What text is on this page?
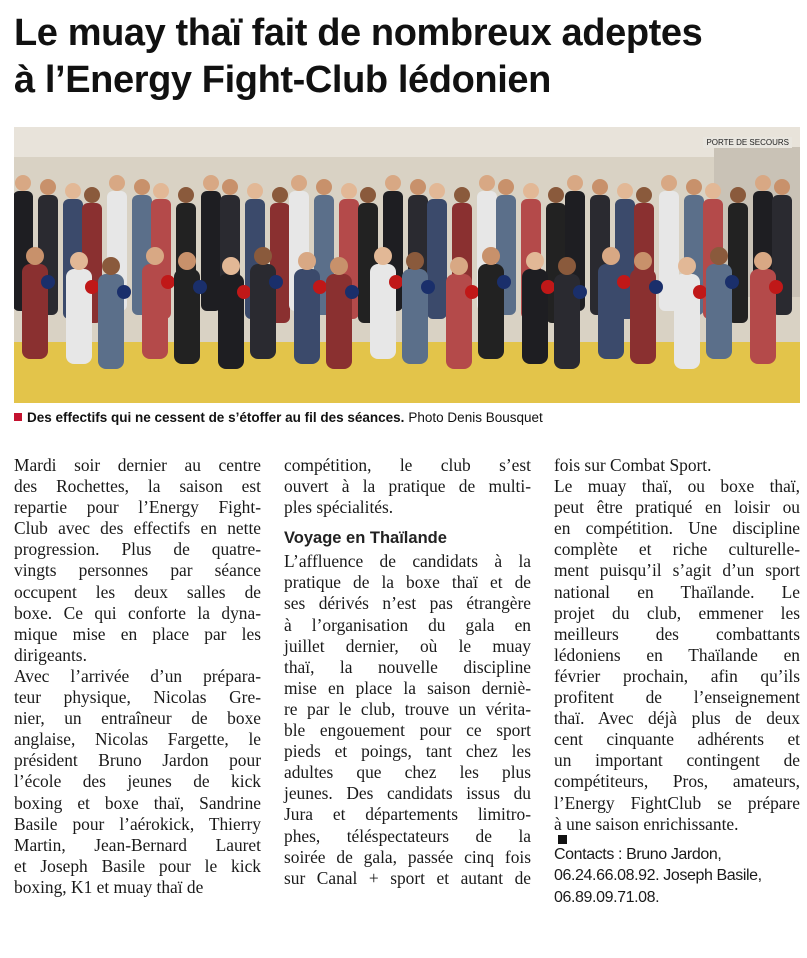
Le muay thaï fait de nombreux adeptes
à l’Energy Fight-Club lédonien
PORTE DE SECOURS
Des effectifs qui ne cessent de s’étoffer au fil des séances. Photo Denis Bousquet
Mardi soir dernier au centre
des Rochettes, la saison est
repartie pour l’Energy Fight-
Club avec des effectifs en nette
progression. Plus de quatre-
vingts personnes par séance
occupent les deux salles de
boxe. Ce qui conforte la dyna-
mique mise en place par les
dirigeants.
Avec l’arrivée d’un prépara-
teur physique, Nicolas Gre-
nier, un entraîneur de boxe
anglaise, Nicolas Fargette, le
président Bruno Jardon pour
l’école des jeunes de kick
boxing et boxe thaï, Sandrine
Basile pour l’aérokick, Thierry
Martin, Jean-Bernard Lauret
et Joseph Basile pour le kick
boxing, K1 et muay thaï de
compétition, le club s’est
ouvert à la pratique de multi-
ples spécialités.
Voyage en Thaïlande
L’affluence de candidats à la
pratique de la boxe thaï et de
ses dérivés n’est pas étrangère
à l’organisation du gala en
juillet dernier, où le muay
thaï, la nouvelle discipline
mise en place la saison derniè-
re par le club, trouve un vérita-
ble engouement pour ce sport
pieds et poings, tant chez les
adultes que chez les plus
jeunes. Des candidats issus du
Jura et départements limitro-
phes, téléspectateurs de la
soirée de gala, passée cinq fois
sur Canal + sport et autant de
fois sur Combat Sport.
Le muay thaï, ou boxe thaï,
peut être pratiqué en loisir ou
en compétition. Une discipline
complète et riche culturelle-
ment puisqu’il s’agit d’un sport
national en Thaïlande. Le
projet du club, emmener les
meilleurs des combattants
lédoniens en Thaïlande en
février prochain, afin qu’ils
profitent de l’enseignement
thaï. Avec déjà plus de deux
cent cinquante adhérents et
un important contingent de
compétiteurs, Pros, amateurs,
l’Energy FightClub se prépare
à une saison enrichissante.
Contacts : Bruno Jardon,
06.24.66.08.92. Joseph Basile,
06.89.09.71.08.
